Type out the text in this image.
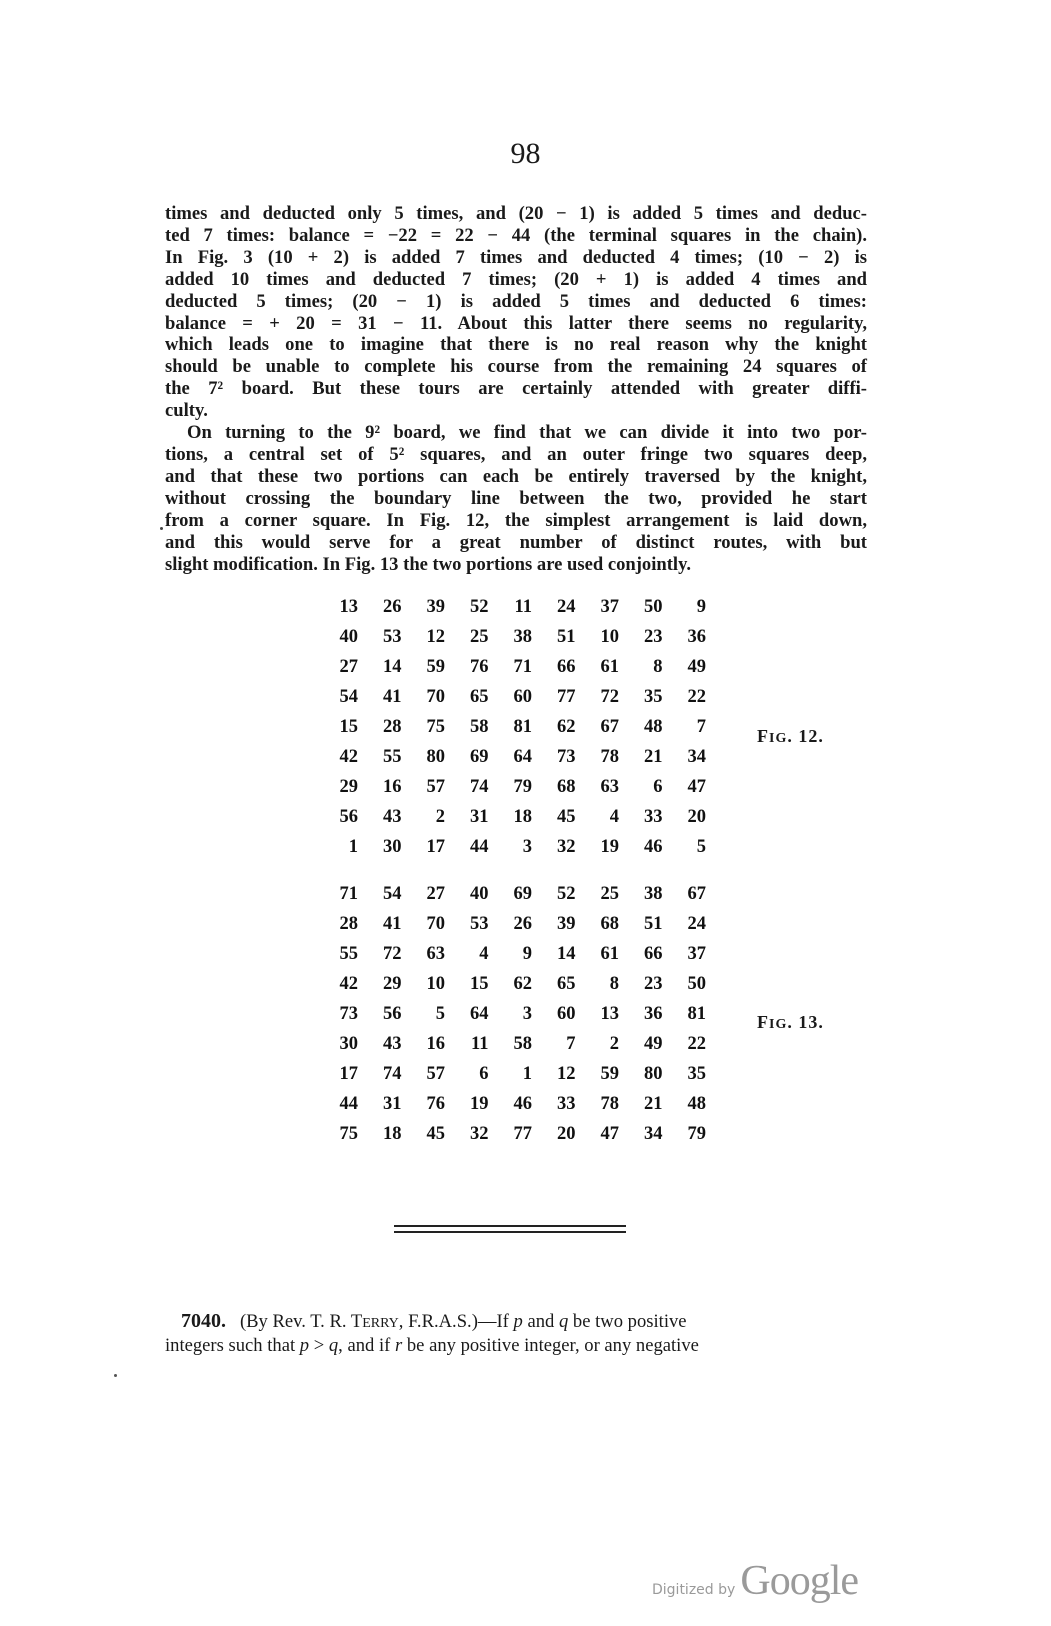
98

times and deducted only 5 times, and (20 − 1) is added 5 times and deduc-
ted 7 times: balance = −22 = 22 − 44 (the terminal squares in the chain).
In Fig. 3 (10 + 2) is added 7 times and deducted 4 times; (10 − 2) is
added 10 times and deducted 7 times; (20 + 1) is added 4 times and
deducted 5 times; (20 − 1) is added 5 times and deducted 6 times:
balance = + 20 = 31 − 11. About this latter there seems no regularity,
which leads one to imagine that there is no real reason why the knight
should be unable to complete his course from the remaining 24 squares of
the 7² board. But these tours are certainly attended with greater diffi-
culty.

On turning to the 9² board, we find that we can divide it into two por-
tions, a central set of 5² squares, and an outer fringe two squares deep,
and that these two portions can each be entirely traversed by the knight,
without crossing the boundary line between the two, provided he start
from a corner square. In Fig. 12, the simplest arrangement is laid down,
and this would serve for a great number of distinct routes, with but
slight modification. In Fig. 13 the two portions are used conjointly.

13	26	39	52	11	24	37	50	9
40	53	12	25	38	51	10	23	36
27	14	59	76	71	66	61	8	49
54	41	70	65	60	77	72	35	22
15	28	75	58	81	62	67	48	7
42	55	80	69	64	73	78	21	34
29	16	57	74	79	68	63	6	47
56	43	2	31	18	45	4	33	20
1	30	17	44	3	32	19	46	5
FIG. 12.
71	54	27	40	69	52	25	38	67
28	41	70	53	26	39	68	51	24
55	72	63	4	9	14	61	66	37
42	29	10	15	62	65	8	23	50
73	56	5	64	3	60	13	36	81
30	43	16	11	58	7	2	49	22
17	74	57	6	1	12	59	80	35
44	31	76	19	46	33	78	21	48
75	18	45	32	77	20	47	34	79
FIG. 13.
7040. (By Rev. T. R. TERRY, F.R.A.S.)—If p and q be two positive
integers such that p > q, and if r be any positive integer, or any negative
Digitized by Google
